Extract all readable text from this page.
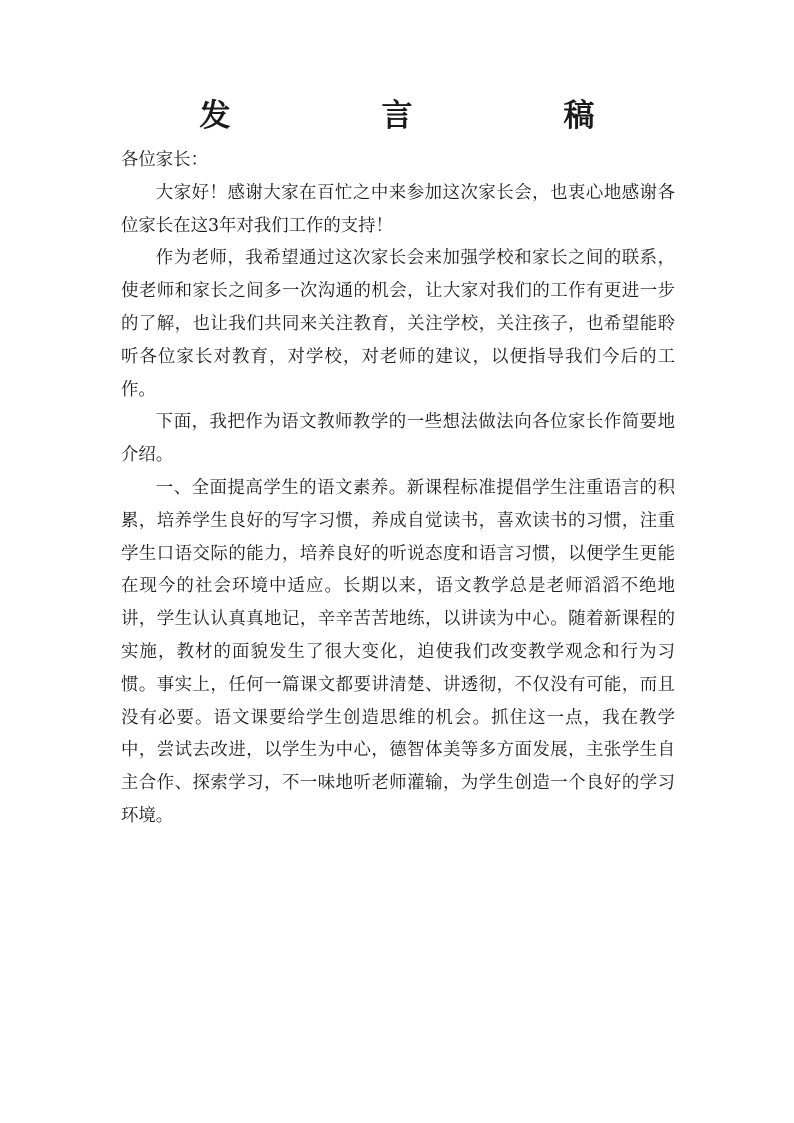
发　言　稿

各位家长：

大家好！感谢大家在百忙之中来参加这次家长会，也衷心地感谢各位家长在这3年对我们工作的支持！

作为老师，我希望通过这次家长会来加强学校和家长之间的联系，使老师和家长之间多一次沟通的机会，让大家对我们的工作有更进一步的了解，也让我们共同来关注教育，关注学校，关注孩子，也希望能聆听各位家长对教育，对学校，对老师的建议，以便指导我们今后的工作。

下面，我把作为语文教师教学的一些想法做法向各位家长作简要地介绍。

一、全面提高学生的语文素养。新课程标准提倡学生注重语言的积累，培养学生良好的写字习惯，养成自觉读书，喜欢读书的习惯，注重学生口语交际的能力，培养良好的听说态度和语言习惯，以便学生更能在现今的社会环境中适应。长期以来，语文教学总是老师滔滔不绝地讲，学生认认真真地记，辛辛苦苦地练，以讲读为中心。随着新课程的实施，教材的面貌发生了很大变化，迫使我们改变教学观念和行为习惯。事实上，任何一篇课文都要讲清楚、讲透彻，不仅没有可能，而且没有必要。语文课要给学生创造思维的机会。抓住这一点，我在教学中，尝试去改进，以学生为中心，德智体美等多方面发展，主张学生自主合作、探索学习，不一味地听老师灌输，为学生创造一个良好的学习环境。
